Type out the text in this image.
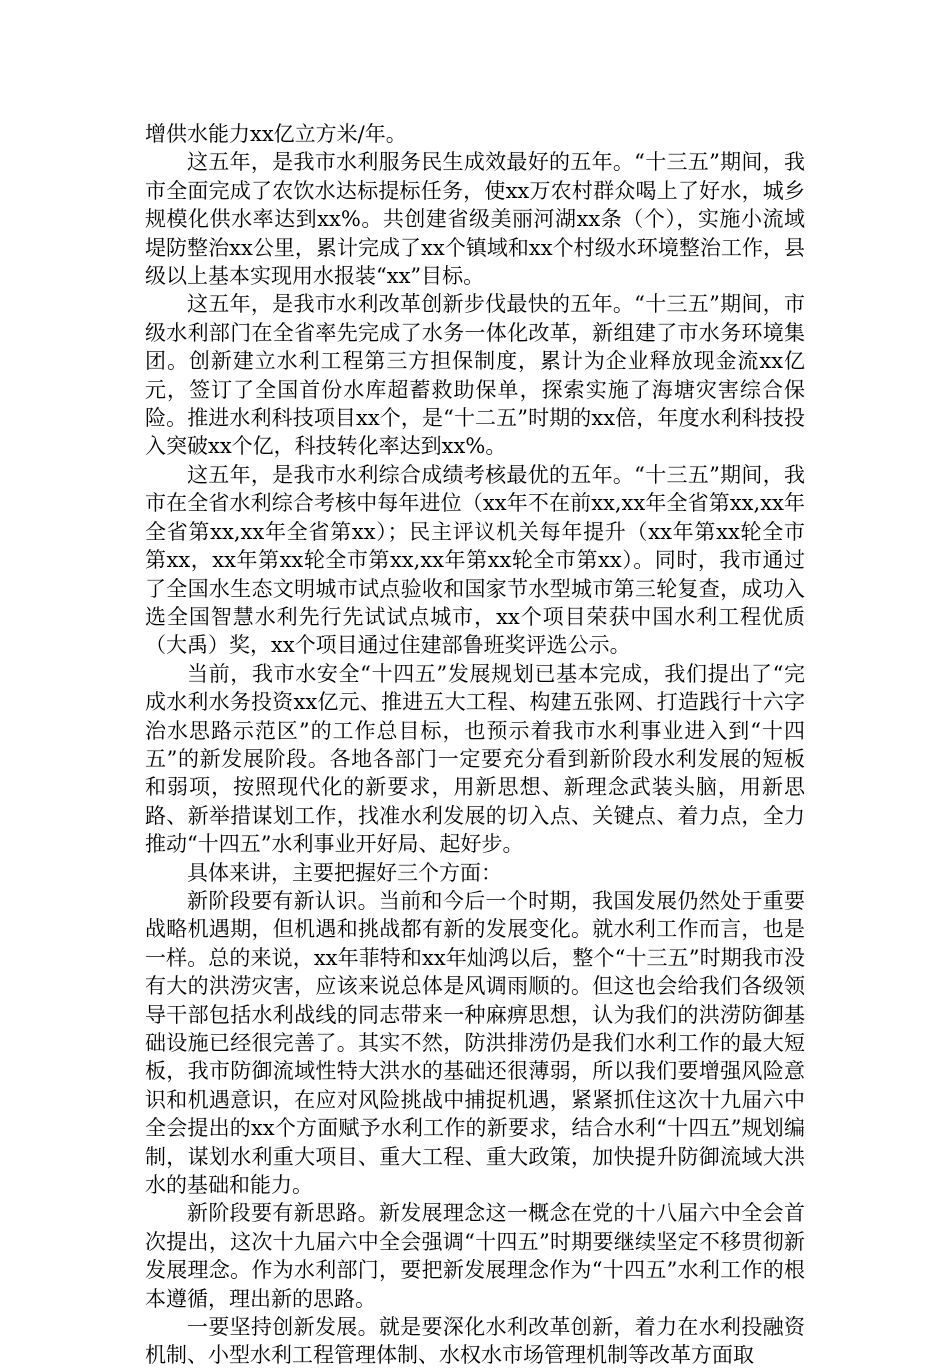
增供水能力xx亿立方米/年。

这五年，是我市水利服务民生成效最好的五年。“十三五”期间，我市全面完成了农饮水达标提标任务，使xx万农村群众喝上了好水，城乡规模化供水率达到xx%。共创建省级美丽河湖xx条（个），实施小流域堤防整治xx公里，累计完成了xx个镇域和xx个村级水环境整治工作，县级以上基本实现用水报装“xx”目标。

这五年，是我市水利改革创新步伐最快的五年。“十三五”期间，市级水利部门在全省率先完成了水务一体化改革，新组建了市水务环境集团。创新建立水利工程第三方担保制度，累计为企业释放现金流xx亿元，签订了全国首份水库超蓄救助保单，探索实施了海塘灾害综合保险。推进水利科技项目xx个，是“十二五”时期的xx倍，年度水利科技投入突破xx个亿，科技转化率达到xx%。

这五年，是我市水利综合成绩考核最优的五年。“十三五”期间，我市在全省水利综合考核中每年进位（xx年不在前xx,xx年全省第xx,xx年全省第xx,xx年全省第xx）；民主评议机关每年提升（xx年第xx轮全市第xx，xx年第xx轮全市第xx,xx年第xx轮全市第xx）。同时，我市通过了全国水生态文明城市试点验收和国家节水型城市第三轮复查，成功入选全国智慧水利先行先试试点城市，xx个项目荣获中国水利工程优质（大禹）奖，xx个项目通过住建部鲁班奖评选公示。

当前，我市水安全“十四五”发展规划已基本完成，我们提出了“完成水利水务投资xx亿元、推进五大工程、构建五张网、打造践行十六字治水思路示范区”的工作总目标，也预示着我市水利事业进入到“十四五”的新发展阶段。各地各部门一定要充分看到新阶段水利发展的短板和弱项，按照现代化的新要求，用新思想、新理念武装头脑，用新思路、新举措谋划工作，找准水利发展的切入点、关键点、着力点，全力推动“十四五”水利事业开好局、起好步。

具体来讲，主要把握好三个方面：

新阶段要有新认识。当前和今后一个时期，我国发展仍然处于重要战略机遇期，但机遇和挑战都有新的发展变化。就水利工作而言，也是一样。总的来说，xx年菲特和xx年灿鸿以后，整个“十三五”时期我市没有大的洪涝灾害，应该来说总体是风调雨顺的。但这也会给我们各级领导干部包括水利战线的同志带来一种麻痹思想，认为我们的洪涝防御基础设施已经很完善了。其实不然，防洪排涝仍是我们水利工作的最大短板，我市防御流域性特大洪水的基础还很薄弱，所以我们要增强风险意识和机遇意识，在应对风险挑战中捕捉机遇，紧紧抓住这次十九届六中全会提出的xx个方面赋予水利工作的新要求，结合水利“十四五”规划编制，谋划水利重大项目、重大工程、重大政策，加快提升防御流域大洪水的基础和能力。

新阶段要有新思路。新发展理念这一概念在党的十八届六中全会首次提出，这次十九届六中全会强调“十四五”时期要继续坚定不移贯彻新发展理念。作为水利部门，要把新发展理念作为“十四五”水利工作的根本遵循，理出新的思路。

一要坚持创新发展。就是要深化水利改革创新，着力在水利投融资机制、小型水利工程管理体制、水权水市场管理机制等改革方面取
